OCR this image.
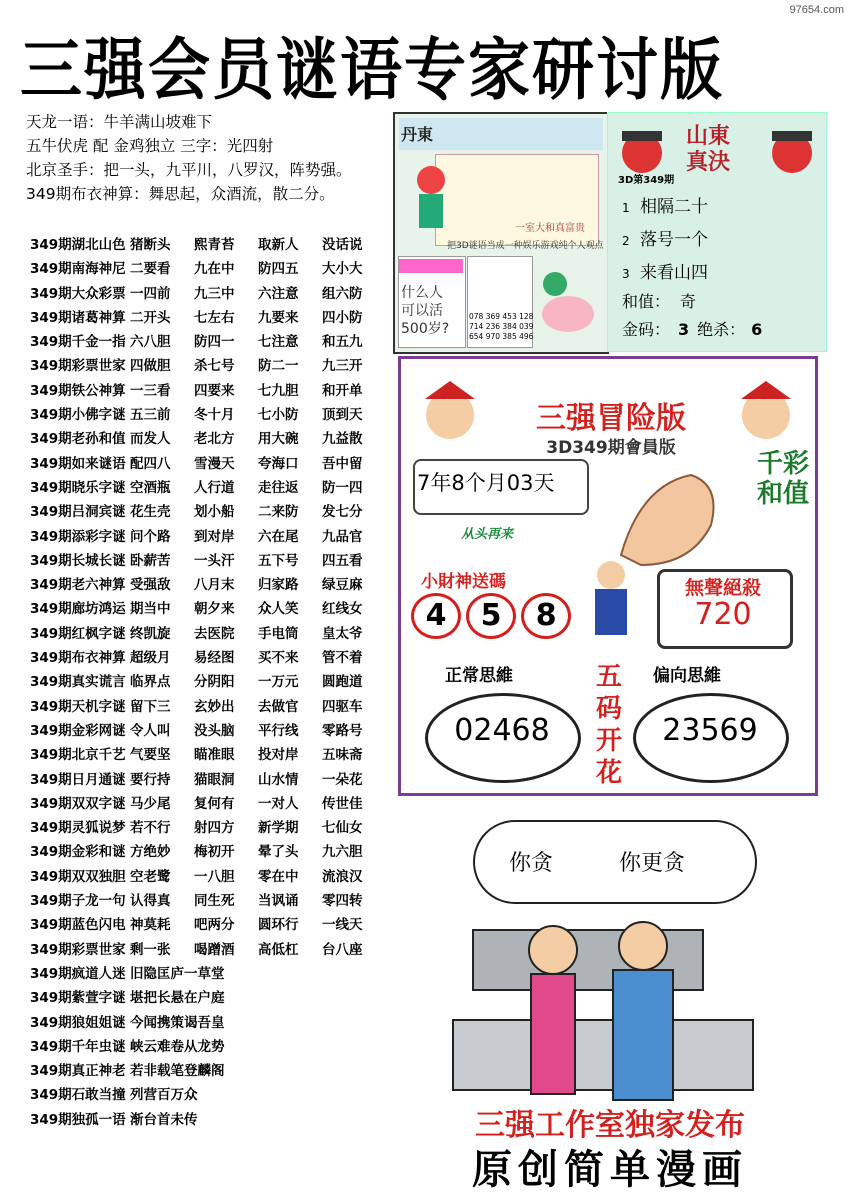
97654.com
三强会员谜语专家研讨版
天龙一语：牛羊满山坡难下
五牛伏虎 配 金鸡独立 三字：光四射
北京圣手：把一头，九平川，八罗汉，阵势强。
349期布衣神算：舞思起，众酒流，散二分。
349期湖北山色 猪断头 熙青苔 取新人 没话说
349期南海神尼 二要看 九在中 防四五 大小大
349期大众彩票 一四前 九三中 六注意 组六防
349期诸葛神算 二开头 七左右 九要来 四小防
349期千金一指 六八胆 防四一 七注意 和五九
349期彩票世家 四做胆 杀七号 防二一 九三开
349期铁公神算 一三看 四要来 七九胆 和开单
349期小佛字谜 五三前 冬十月 七小防 顶到天
349期老孙和值 而发人 老北方 用大碗 九益散
349期如来谜语 配四八 雪漫天 夸海口 吾中留
349期晓乐字谜 空酒瓶 人行道 走往返 防一四
349期吕洞宾谜 花生壳 划小船 二来防 发七分
349期添彩字谜 问个路 到对岸 六在尾 九品官
349期长城长谜 卧薪苦 一头汗 五下号 四五看
349期老六神算 受强敌 八月末 归家路 绿豆麻
349期廊坊鸿运 期当中 朝夕来 众人笑 红线女
349期红枫字谜 终凯旋 去医院 手电筒 皇太爷
349期布衣神算 超级月 易经图 买不来 管不着
349期真实谎言 临界点 分阴阳 一万元 圆跑道
349期天机字谜 留下三 玄妙出 去做官 四驱车
349期金彩网谜 令人叫 没头脑 平行线 零路号
349期北京千艺 气要坚 瞄准眼 投对岸 五味斋
349期日月通谜 要行持 猫眼洞 山水情 一朵花
349期双双字谜 马少尾 复何有 一对人 传世佳
349期灵狐说梦 若不行 射四方 新学期 七仙女
349期金彩和谜 方绝妙 梅初开 晕了头 九六胆
349期双双独胆 空老鹭 一八胆 零在中 流浪汉
349期子龙一句 认得真 同生死 当讽诵 零四转
349期蓝色闪电 神莫耗 吧两分 圆环行 一线天
349期彩票世家 剩一张 喝蹭酒 高低杠 台八座
349期疯道人迷 旧隐匡庐一草堂
349期紫萱字谜 堪把长悬在户庭
349期狼姐姐谜 今闻携策谒吾皇
349期千年虫谜 峡云难卷从龙势
349期真正神老 若非载笔登麟阁
349期石敢当撞 列营百万众
349期独孤一语 渐台首未传
丹東
一室大和真富贵
把3D谜语当成一种娱乐游戏纯个人观点
什么人
可以活
500岁?
078 369 453 128
714 236 384 039
654 970 385 496
山東
真決
3D第349期
1 相隔二十
2 落号一个
3 来看山四
和值： 奇
金码： 3 绝杀： 6
三强冒险版
3D349期會員版
7年8个月03天
从头再来
千彩和值
小財神送碼
4 5 8
無聲絕殺
720
正常思維
02468
五码开花
偏向思維
23569
你贪	你更贪
三强工作室独家发布
原创简单漫画
